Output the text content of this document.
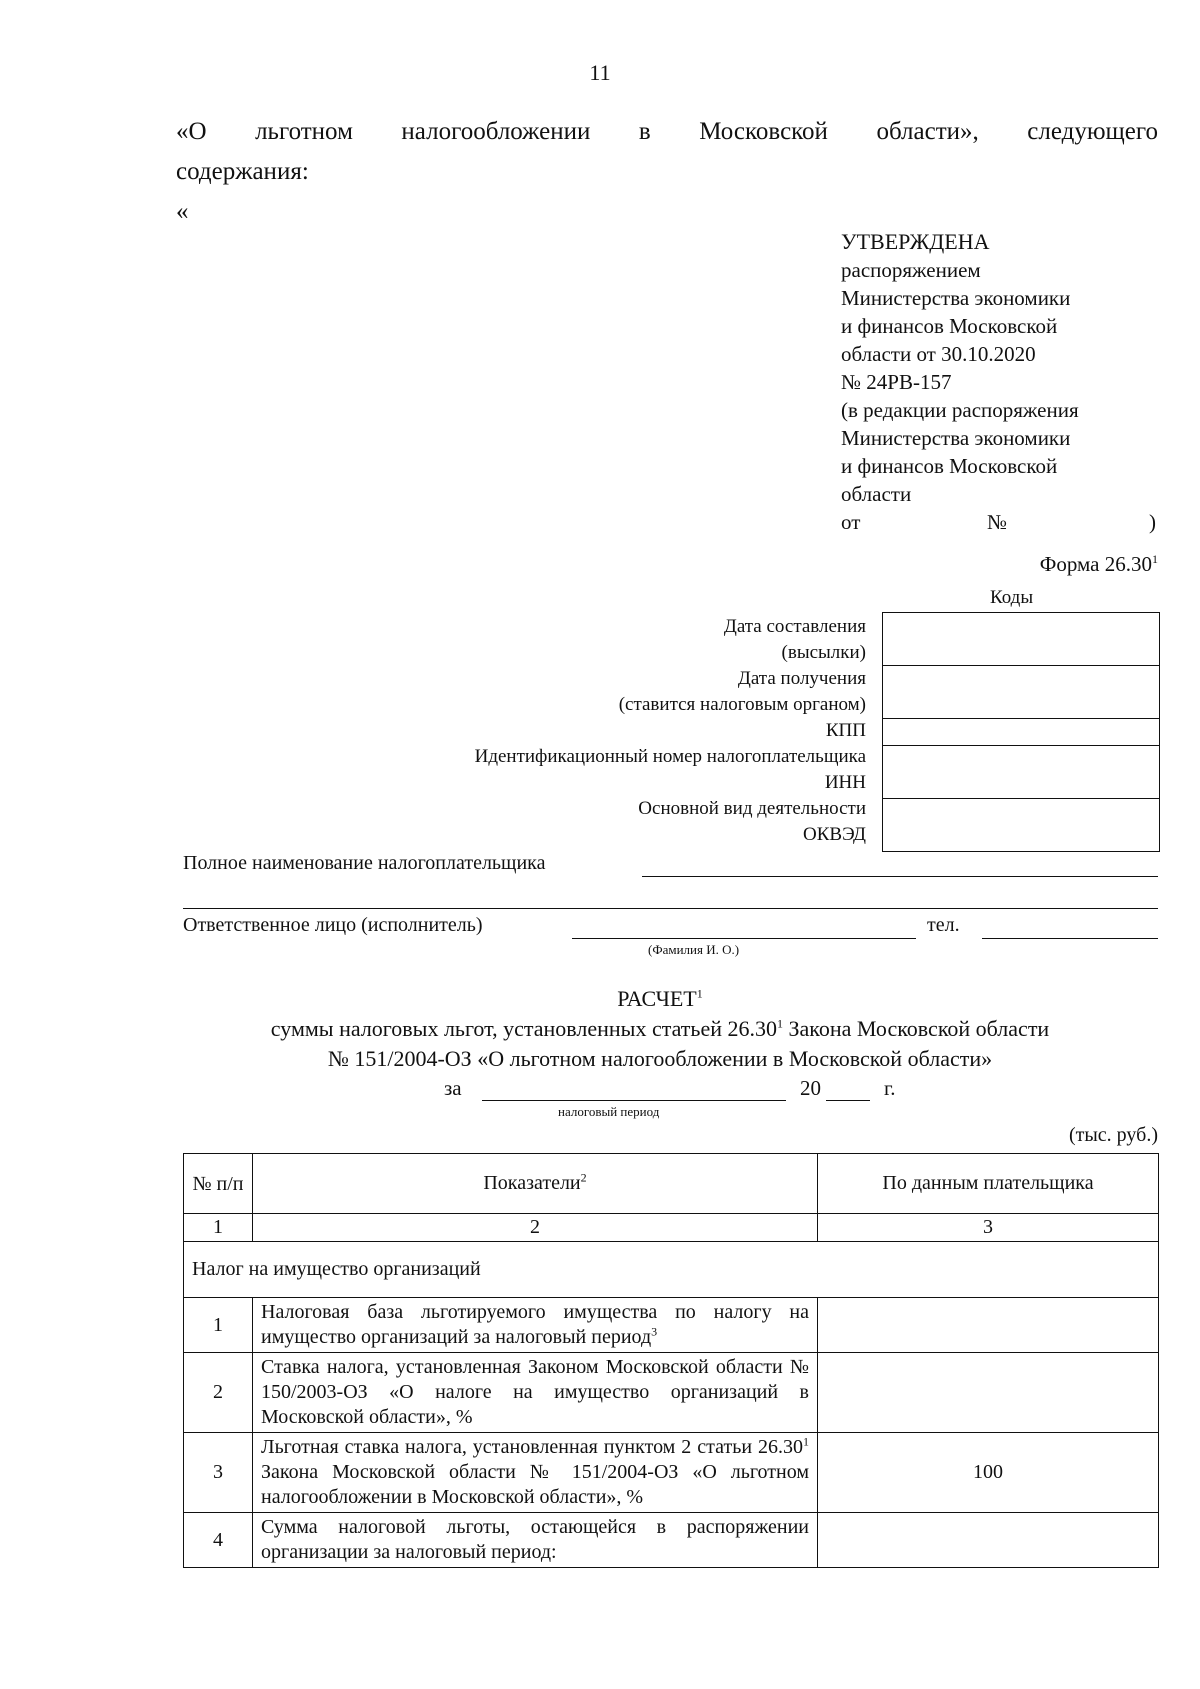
11
«О льготном налогообложении в Московской области», следующего
содержания:
«
УТВЕРЖДЕНА
распоряжением
Министерства экономики
и финансов Московской
области от 30.10.2020
№ 24РВ-157
(в редакции распоряжения
Министерства экономики
и финансов Московской
области
от	№	)
Форма 26.30$^1$
Коды
Дата составления
(высылки)
Дата получения
(ставится налоговым органом)
КПП
Идентификационный номер налогоплательщика
ИНН
Основной вид деятельности
ОКВЭД
Полное наименование налогоплательщика
Ответственное лицо (исполнитель)	тел.
(Фамилия И. О.)
РАСЧЕТ$^1$
суммы налоговых льгот, установленных статьей 26.30$^1$ Закона Московской области
№ 151/2004-ОЗ «О льготном налогообложении в Московской области»
за	20	г.
налоговый период
(тыс. руб.)
№ п/п	Показатели$^2$	По данным плательщика
1	2	3
Налог на имущество организаций		
1	Налоговая база льготируемого имущества по налогу на имущество организаций за налоговый период$^3$	
2	Ставка налога, установленная Законом Московской области № 150/2003-ОЗ «О налоге на имущество организаций в Московской области», %	
3	Льготная ставка налога, установленная пунктом 2 статьи 26.30$^1$ Закона Московской области № 151/2004-ОЗ «О льготном налогообложении в Московской области», %	100
4	Сумма налоговой льготы, остающейся в распоряжении организации за налоговый период:	
